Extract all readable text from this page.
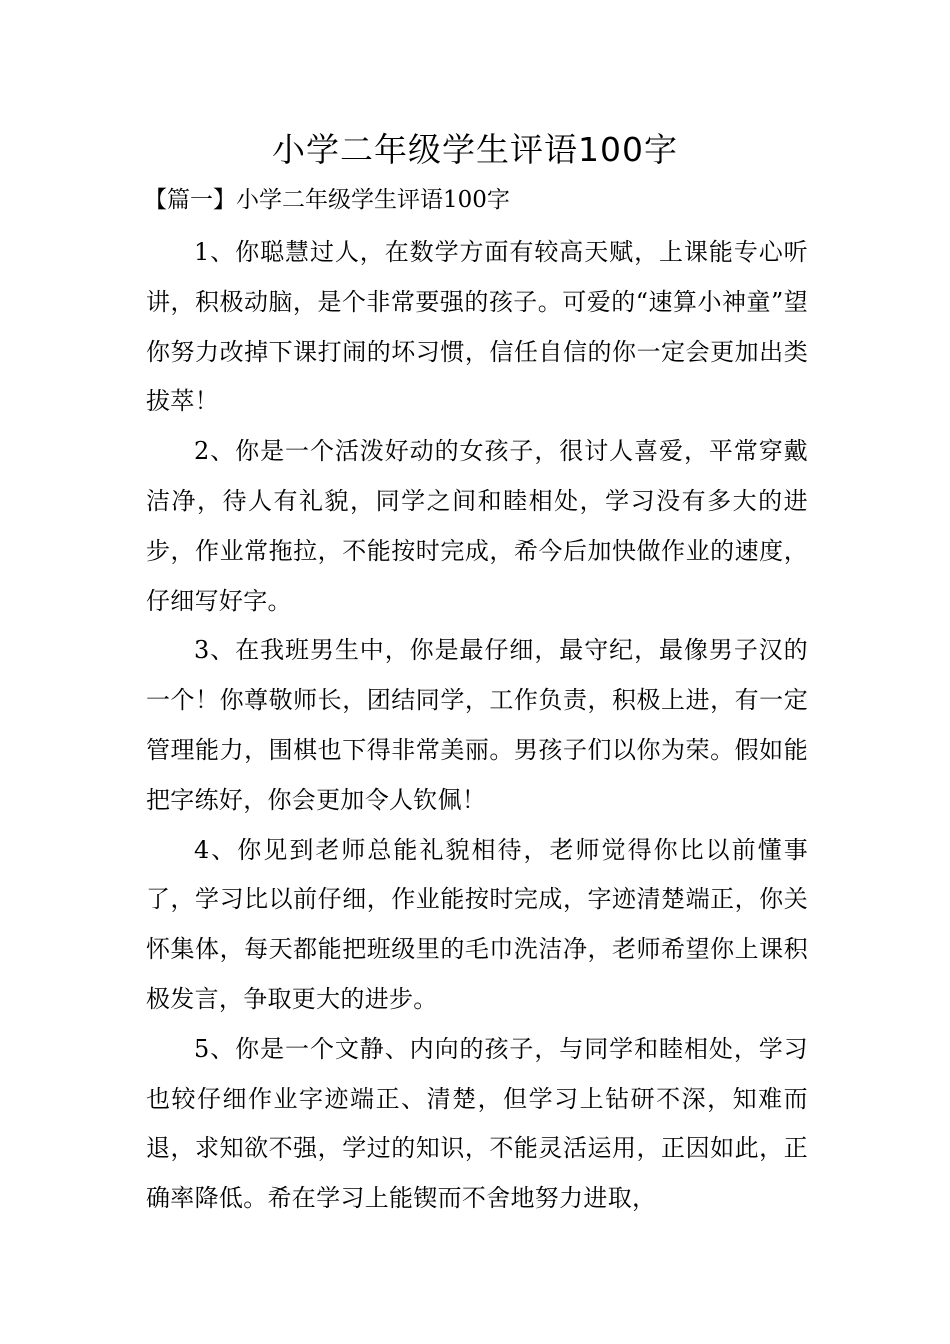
小学二年级学生评语100字
【篇一】小学二年级学生评语100字

1、你聪慧过人，在数学方面有较高天赋，上课能专心听讲，积极动脑，是个非常要强的孩子。可爱的“速算小神童”望你努力改掉下课打闹的坏习惯，信任自信的你一定会更加出类拔萃！

2、你是一个活泼好动的女孩子，很讨人喜爱，平常穿戴洁净，待人有礼貌，同学之间和睦相处，学习没有多大的进步，作业常拖拉，不能按时完成，希今后加快做作业的速度，仔细写好字。

3、在我班男生中，你是最仔细，最守纪，最像男子汉的一个！你尊敬师长，团结同学，工作负责，积极上进，有一定管理能力，围棋也下得非常美丽。男孩子们以你为荣。假如能把字练好，你会更加令人钦佩！

4、你见到老师总能礼貌相待，老师觉得你比以前懂事了，学习比以前仔细，作业能按时完成，字迹清楚端正，你关怀集体，每天都能把班级里的毛巾洗洁净，老师希望你上课积极发言，争取更大的进步。

5、你是一个文静、内向的孩子，与同学和睦相处，学习也较仔细作业字迹端正、清楚，但学习上钻研不深，知难而退，求知欲不强，学过的知识，不能灵活运用，正因如此，正确率降低。希在学习上能锲而不舍地努力进取，
